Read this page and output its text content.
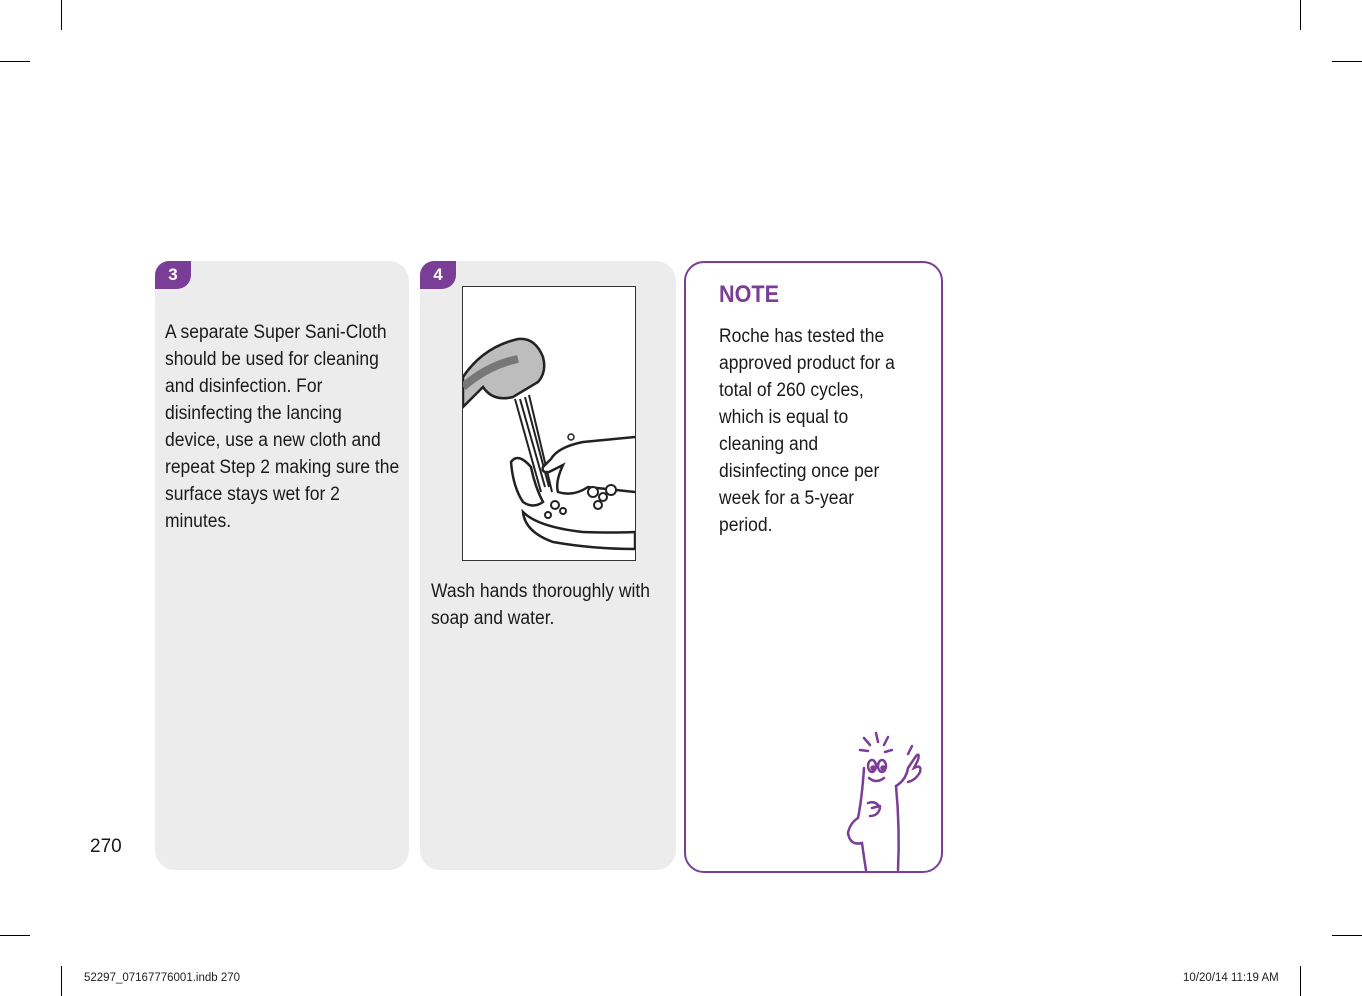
3
A separate Super Sani-Cloth should be used for cleaning and disinfection. For disinfecting the lancing device, use a new cloth and repeat Step 2 making sure the surface stays wet for 2 minutes.
4
Wash hands thoroughly with soap and water.
NOTE
Roche has tested the approved product for a total of 260 cycles, which is equal to cleaning and disinfecting once per week for a 5-year period.
270
52297_07167776001.indb 270	10/20/14 11:19 AM
